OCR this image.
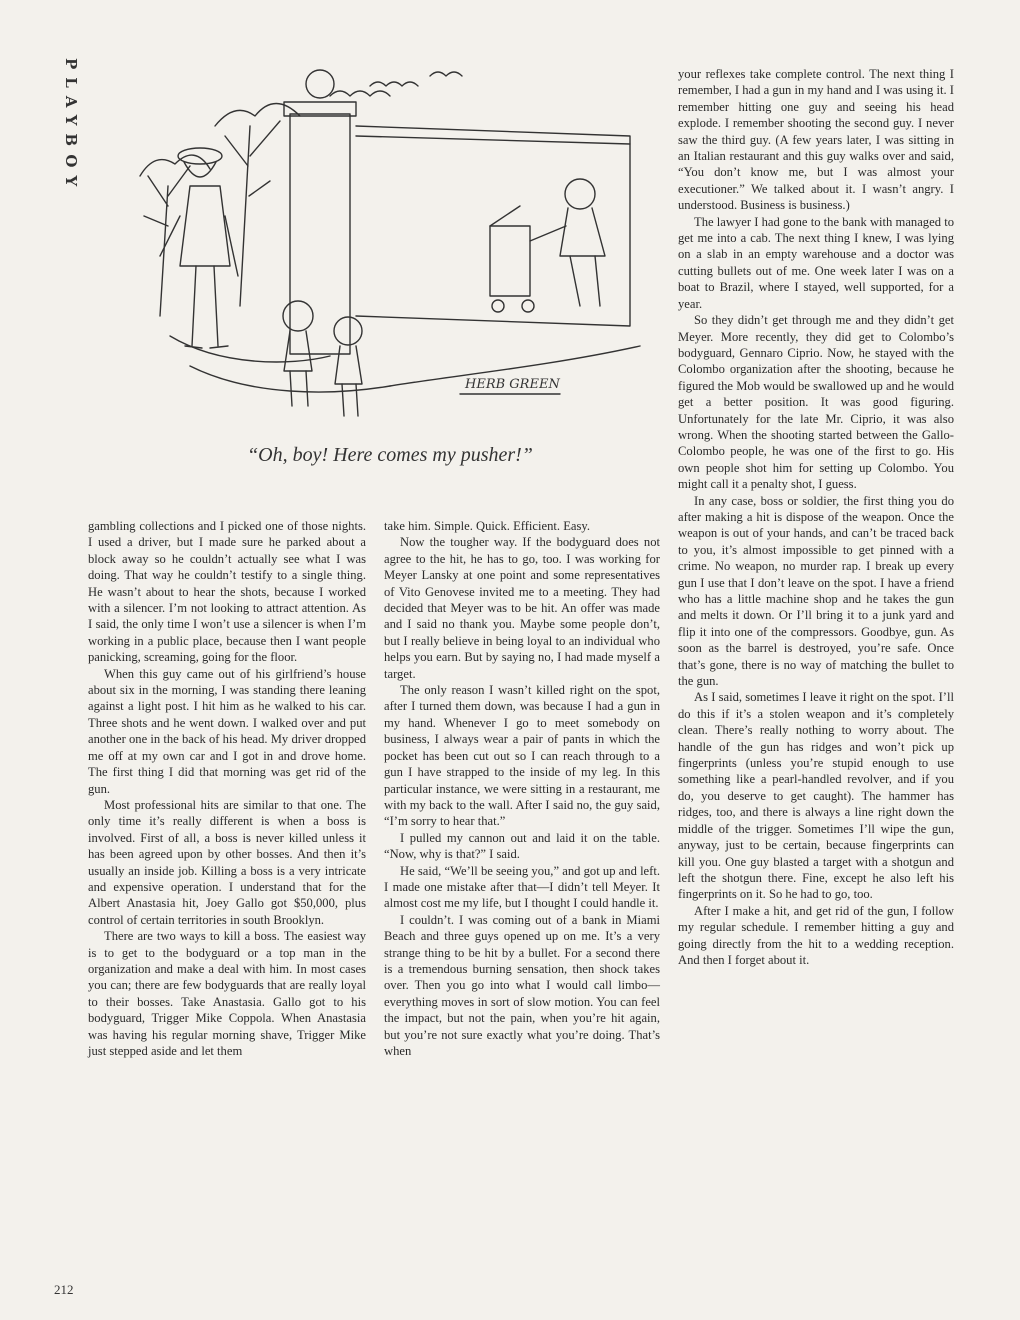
PLAYBOY
HERB GREEN
“Oh, boy! Here comes my pusher!”

gambling collections and I picked one of those nights. I used a driver, but I made sure he parked about a block away so he couldn’t actually see what I was doing. That way he couldn’t testify to a single thing. He wasn’t about to hear the shots, because I worked with a silencer. I’m not looking to attract attention. As I said, the only time I won’t use a silencer is when I’m working in a public place, because then I want people panicking, screaming, going for the floor.

When this guy came out of his girlfriend’s house about six in the morning, I was standing there leaning against a light post. I hit him as he walked to his car. Three shots and he went down. I walked over and put another one in the back of his head. My driver dropped me off at my own car and I got in and drove home. The first thing I did that morning was get rid of the gun.

Most professional hits are similar to that one. The only time it’s really different is when a boss is involved. First of all, a boss is never killed unless it has been agreed upon by other bosses. And then it’s usually an inside job. Killing a boss is a very intricate and expensive operation. I understand that for the Albert Anastasia hit, Joey Gallo got $50,000, plus control of certain territories in south Brooklyn.

There are two ways to kill a boss. The easiest way is to get to the bodyguard or a top man in the organization and make a deal with him. In most cases you can; there are few bodyguards that are really loyal to their bosses. Take Anastasia. Gallo got to his bodyguard, Trigger Mike Coppola. When Anastasia was having his regular morning shave, Trigger Mike just stepped aside and let them

take him. Simple. Quick. Efficient. Easy.

Now the tougher way. If the bodyguard does not agree to the hit, he has to go, too. I was working for Meyer Lansky at one point and some representatives of Vito Genovese invited me to a meeting. They had decided that Meyer was to be hit. An offer was made and I said no thank you. Maybe some people don’t, but I really believe in being loyal to an individual who helps you earn. But by saying no, I had made myself a target.

The only reason I wasn’t killed right on the spot, after I turned them down, was because I had a gun in my hand. Whenever I go to meet somebody on business, I always wear a pair of pants in which the pocket has been cut out so I can reach through to a gun I have strapped to the inside of my leg. In this particular instance, we were sitting in a restaurant, me with my back to the wall. After I said no, the guy said, “I’m sorry to hear that.”

I pulled my cannon out and laid it on the table. “Now, why is that?” I said.

He said, “We’ll be seeing you,” and got up and left. I made one mistake after that—I didn’t tell Meyer. It almost cost me my life, but I thought I could handle it.

I couldn’t. I was coming out of a bank in Miami Beach and three guys opened up on me. It’s a very strange thing to be hit by a bullet. For a second there is a tremendous burning sensation, then shock takes over. Then you go into what I would call limbo—everything moves in sort of slow motion. You can feel the impact, but not the pain, when you’re hit again, but you’re not sure exactly what you’re doing. That’s when

your reflexes take complete control. The next thing I remember, I had a gun in my hand and I was using it. I remember hitting one guy and seeing his head explode. I remember shooting the second guy. I never saw the third guy. (A few years later, I was sitting in an Italian restaurant and this guy walks over and said, “You don’t know me, but I was almost your executioner.” We talked about it. I wasn’t angry. I understood. Business is business.)

The lawyer I had gone to the bank with managed to get me into a cab. The next thing I knew, I was lying on a slab in an empty warehouse and a doctor was cutting bullets out of me. One week later I was on a boat to Brazil, where I stayed, well supported, for a year.

So they didn’t get through me and they didn’t get Meyer. More recently, they did get to Colombo’s bodyguard, Gennaro Ciprio. Now, he stayed with the Colombo organization after the shooting, because he figured the Mob would be swallowed up and he would get a better position. It was good figuring. Unfortunately for the late Mr. Ciprio, it was also wrong. When the shooting started between the Gallo-Colombo people, he was one of the first to go. His own people shot him for setting up Colombo. You might call it a penalty shot, I guess.

In any case, boss or soldier, the first thing you do after making a hit is dispose of the weapon. Once the weapon is out of your hands, and can’t be traced back to you, it’s almost impossible to get pinned with a crime. No weapon, no murder rap. I break up every gun I use that I don’t leave on the spot. I have a friend who has a little machine shop and he takes the gun and melts it down. Or I’ll bring it to a junk yard and flip it into one of the compressors. Goodbye, gun. As soon as the barrel is destroyed, you’re safe. Once that’s gone, there is no way of matching the bullet to the gun.

As I said, sometimes I leave it right on the spot. I’ll do this if it’s a stolen weapon and it’s completely clean. There’s really nothing to worry about. The handle of the gun has ridges and won’t pick up fingerprints (unless you’re stupid enough to use something like a pearl-handled revolver, and if you do, you deserve to get caught). The hammer has ridges, too, and there is always a line right down the middle of the trigger. Sometimes I’ll wipe the gun, anyway, just to be certain, because fingerprints can kill you. One guy blasted a target with a shotgun and left the shotgun there. Fine, except he also left his fingerprints on it. So he had to go, too.

After I make a hit, and get rid of the gun, I follow my regular schedule. I remember hitting a guy and going directly from the hit to a wedding reception. And then I forget about it.

212
